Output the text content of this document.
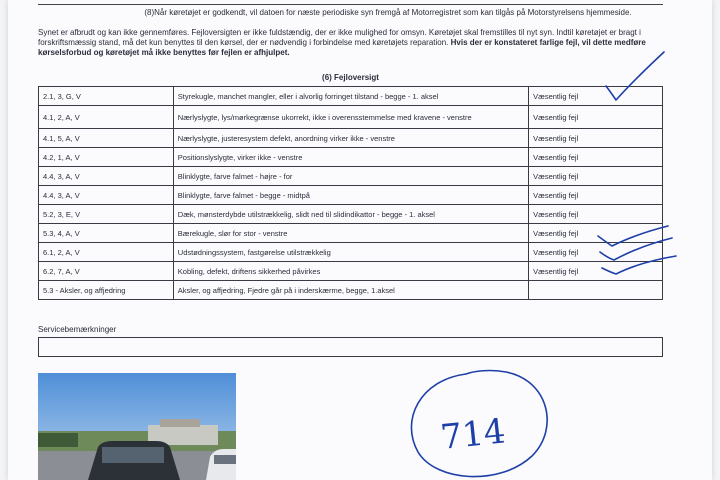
(8)Når køretøjet er godkendt, vil datoen for næste periodiske syn fremgå af Motorregistret som kan tilgås på Motorstyrelsens hjemmeside.
Synet er afbrudt og kan ikke gennemføres. Fejloversigten er ikke fuldstændig, der er ikke mulighed for omsyn. Køretøjet skal fremstilles til nyt syn. Indtil køretøjet er bragt i forskriftsmæssig stand, må det kun benyttes til den kørsel, der er nødvendig i forbindelse med køretøjets reparation. Hvis der er konstateret farlige fejl, vil dette medføre kørselsforbud og køretøjet må ikke benyttes før fejlen er afhjulpet.
(6) Fejloversigt
2.1, 3, G, V	Styrekugle, manchet mangler, eller i alvorlig forringet tilstand - begge - 1. aksel	Væsentlig fejl
4.1, 2, A, V	Nærlyslygte, lys/mørkegrænse ukorrekt, ikke i overensstemmelse med kravene - venstre	Væsentlig fejl
4.1, 5, A, V	Nærlyslygte, justeresystem defekt, anordning virker ikke - venstre	Væsentlig fejl
4.2, 1, A, V	Positionslyslygte, virker ikke - venstre	Væsentlig fejl
4.4, 3, A, V	Blinklygte, farve falmet - højre - for	Væsentlig fejl
4.4, 3, A, V	Blinklygte, farve falmet - begge - midtpå	Væsentlig fejl
5.2, 3, E, V	Dæk, mønsterdybde utilstrækkelig, slidt ned til slidindikattor - begge - 1. aksel	Væsentlig fejl
5.3, 4, A, V	Bærekugle, slør for stor - venstre	Væsentlig fejl
6.1, 2, A, V	Udstødningssystem, fastgørelse utilstrækkelig	Væsentlig fejl
6.2, 7, A, V	Kobling, defekt, driftens sikkerhed påvirkes	Væsentlig fejl
5.3 - Aksler, og affjedring	Aksler, og affjedring, Fjedre går på i inderskærme, begge, 1.aksel	
Servicebemærkninger
714
